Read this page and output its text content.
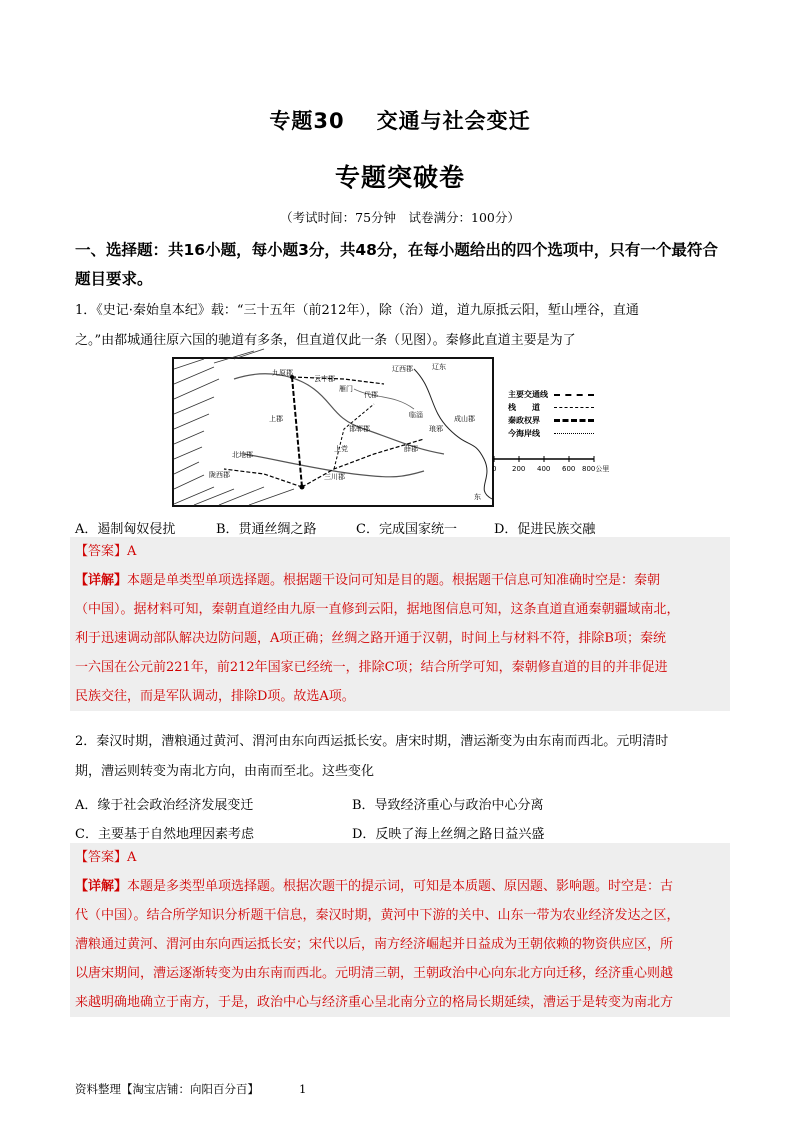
专题30 交通与社会变迁
专题突破卷
（考试时间：75分钟　试卷满分：100分）
一、选择题：共16小题，每小题3分，共48分，在每小题给出的四个选项中，只有一个最符合题目要求。
1．《史记·秦始皇本纪》载：“三十五年（前212年），除（治）道，道九原抵云阳，堑山堙谷，直通
之。”由都城通往原六国的驰道有多条，但直道仅此一条（见图）。秦修此直道主要是为了
九原郡
云中郡
雁门
代郡
辽西郡	辽东
上郡
北地郡
陇西郡
邯郸郡
临淄
琅邪
成山郡
薛郡
上党
三川郡
东
主要交通线
栈　　道
秦政权界
今海岸线
0 200 400 600 800公里
A．遏制匈奴侵扰	B．贯通丝绸之路	C．完成国家统一	D．促进民族交融
【答案】A
【详解】本题是单类型单项选择题。根据题干设问可知是目的题。根据题干信息可知准确时空是：秦朝
（中国）。据材料可知，秦朝直道经由九原一直修到云阳，据地图信息可知，这条直道直通秦朝疆域南北，
利于迅速调动部队解决边防问题，A项正确；丝绸之路开通于汉朝，时间上与材料不符，排除B项；秦统
一六国在公元前221年，前212年国家已经统一，排除C项；结合所学可知，秦朝修直道的目的并非促进
民族交往，而是军队调动，排除D项。故选A项。
2．秦汉时期，漕粮通过黄河、渭河由东向西运抵长安。唐宋时期，漕运渐变为由东南而西北。元明清时
期，漕运则转变为南北方向，由南而至北。这些变化
A．缘于社会政治经济发展变迁	B．导致经济重心与政治中心分离
C．主要基于自然地理因素考虑	D．反映了海上丝绸之路日益兴盛
【答案】A
【详解】本题是多类型单项选择题。根据次题干的提示词，可知是本质题、原因题、影响题。时空是：古
代（中国）。结合所学知识分析题干信息，秦汉时期，黄河中下游的关中、山东一带为农业经济发达之区，
漕粮通过黄河、渭河由东向西运抵长安；宋代以后，南方经济崛起并日益成为王朝依赖的物资供应区，所
以唐宋期间，漕运逐渐转变为由东南而西北。元明清三朝，王朝政治中心向东北方向迁移，经济重心则越
来越明确地确立于南方，于是，政治中心与经济重心呈北南分立的格局长期延续，漕运于是转变为南北方
资料整理【淘宝店铺：向阳百分百】	1
